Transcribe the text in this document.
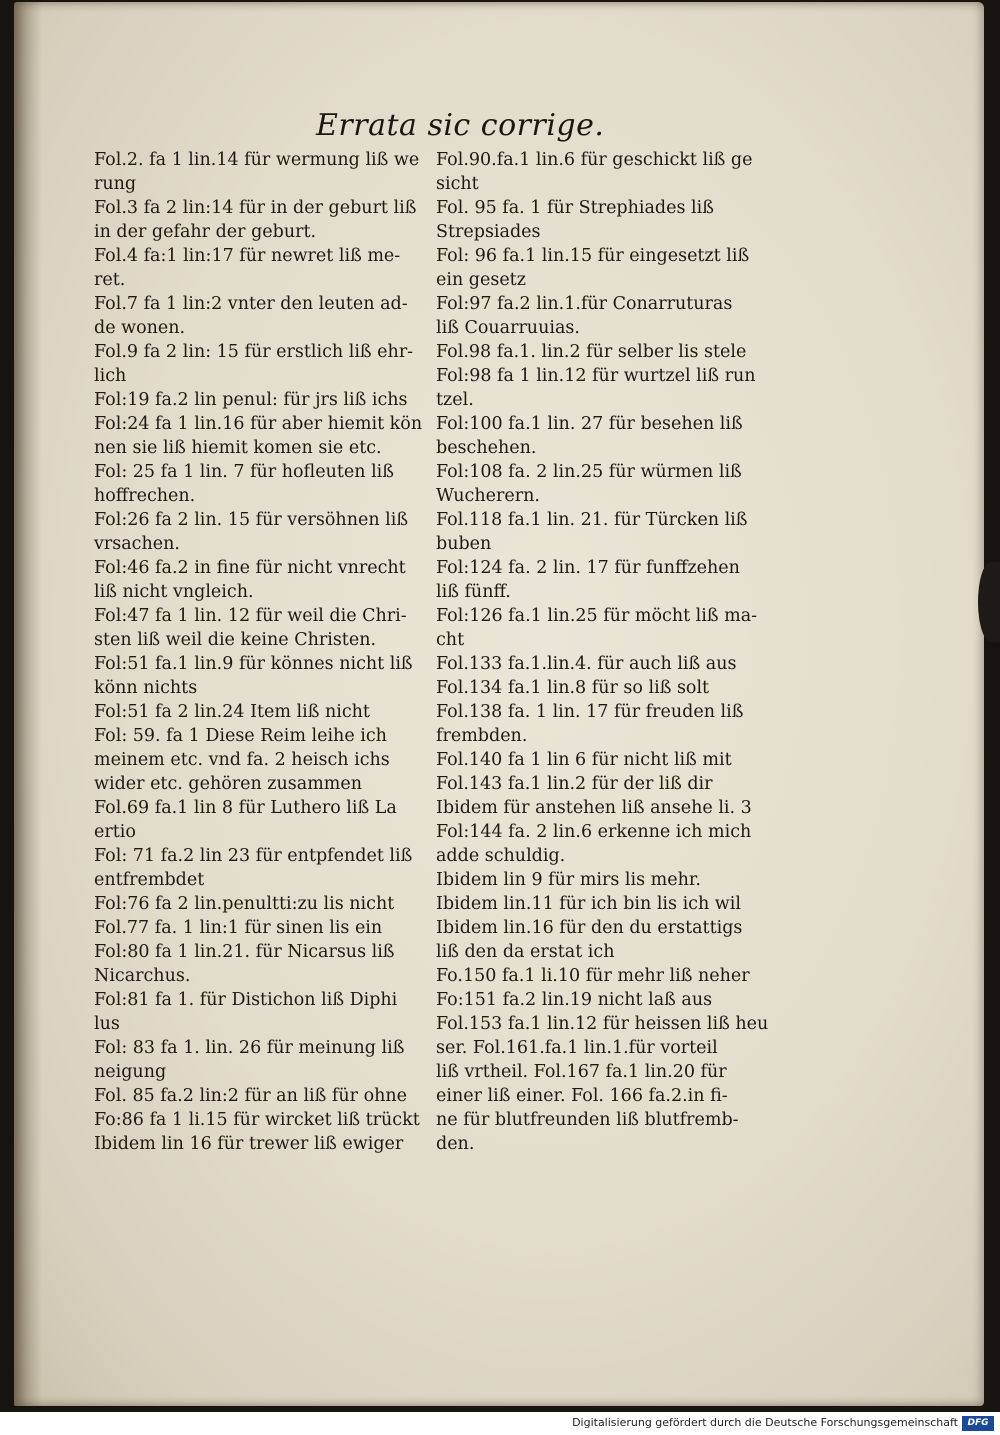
Errata sic corrige.

Fol.2. fa 1 lin.14 für wermung liß we
rung

Fol.3 fa 2 lin:14 für in der geburt liß
in der gefahr der geburt.

Fol.4 fa:1 lin:17 für newret liß me-
ret.

Fol.7 fa 1 lin:2 vnter den leuten ad-
de wonen.

Fol.9 fa 2 lin: 15 für erstlich liß ehr-
lich

Fol:19 fa.2 lin penul: für jrs liß ichs

Fol:24 fa 1 lin.16 für aber hiemit kön
nen sie liß hiemit komen sie etc.

Fol: 25 fa 1 lin. 7 für hofleuten liß
hoffrechen.

Fol:26 fa 2 lin. 15 für versöhnen liß
vrsachen.

Fol:46 fa.2 in fine für nicht vnrecht
liß nicht vngleich.

Fol:47 fa 1 lin. 12 für weil die Chri-
sten liß weil die keine Christen.

Fol:51 fa.1 lin.9 für könnes nicht liß
könn nichts

Fol:51 fa 2 lin.24 Item liß nicht

Fol: 59. fa 1 Diese Reim leihe ich
meinem etc. vnd fa. 2 heisch ichs
wider etc. gehören zusammen

Fol.69 fa.1 lin 8 für Luthero liß La
ertio

Fol: 71 fa.2 lin 23 für entpfendet liß
entfrembdet

Fol:76 fa 2 lin.penultti:zu lis nicht

Fol.77 fa. 1 lin:1 für sinen lis ein

Fol:80 fa 1 lin.21. für Nicarsus liß
Nicarchus.

Fol:81 fa 1. für Distichon liß Diphi
lus

Fol: 83 fa 1. lin. 26 für meinung liß
neigung

Fol. 85 fa.2 lin:2 für an liß für ohne

Fo:86 fa 1 li.15 für wircket liß trückt

Ibidem lin 16 für trewer liß ewiger

Fol.90.fa.1 lin.6 für geschickt liß ge
sicht

Fol. 95 fa. 1 für Strephiades liß
Strepsiades

Fol: 96 fa.1 lin.15 für eingesetzt liß
ein gesetz

Fol:97 fa.2 lin.1.für Conarruturas
liß Couarruuias.

Fol.98 fa.1. lin.2 für selber lis stele

Fol:98 fa 1 lin.12 für wurtzel liß run
tzel.

Fol:100 fa.1 lin. 27 für besehen liß
beschehen.

Fol:108 fa. 2 lin.25 für würmen liß
Wucherern.

Fol.118 fa.1 lin. 21. für Türcken liß
buben

Fol:124 fa. 2 lin. 17 für funffzehen
liß fünff.

Fol:126 fa.1 lin.25 für möcht liß ma-
cht

Fol.133 fa.1.lin.4. für auch liß aus

Fol.134 fa.1 lin.8 für so liß solt

Fol.138 fa. 1 lin. 17 für freuden liß
frembden.

Fol.140 fa 1 lin 6 für nicht liß mit

Fol.143 fa.1 lin.2 für der liß dir

Ibidem für anstehen liß ansehe li. 3

Fol:144 fa. 2 lin.6 erkenne ich mich
adde schuldig.

Ibidem lin 9 für mirs lis mehr.

Ibidem lin.11 für ich bin lis ich wil

Ibidem lin.16 für den du erstattigs
liß den da erstat ich

Fo.150 fa.1 li.10 für mehr liß neher

Fo:151 fa.2 lin.19 nicht laß aus

Fol.153 fa.1 lin.12 für heissen liß heu
ser. Fol.161.fa.1 lin.1.für vorteil
liß vrtheil. Fol.167 fa.1 lin.20 für
einer liß einer. Fol. 166 fa.2.in fi-
ne für blutfreunden liß blutfremb-
den.

Digitalisierung gefördert durch die Deutsche Forschungsgemeinschaft	DFG
